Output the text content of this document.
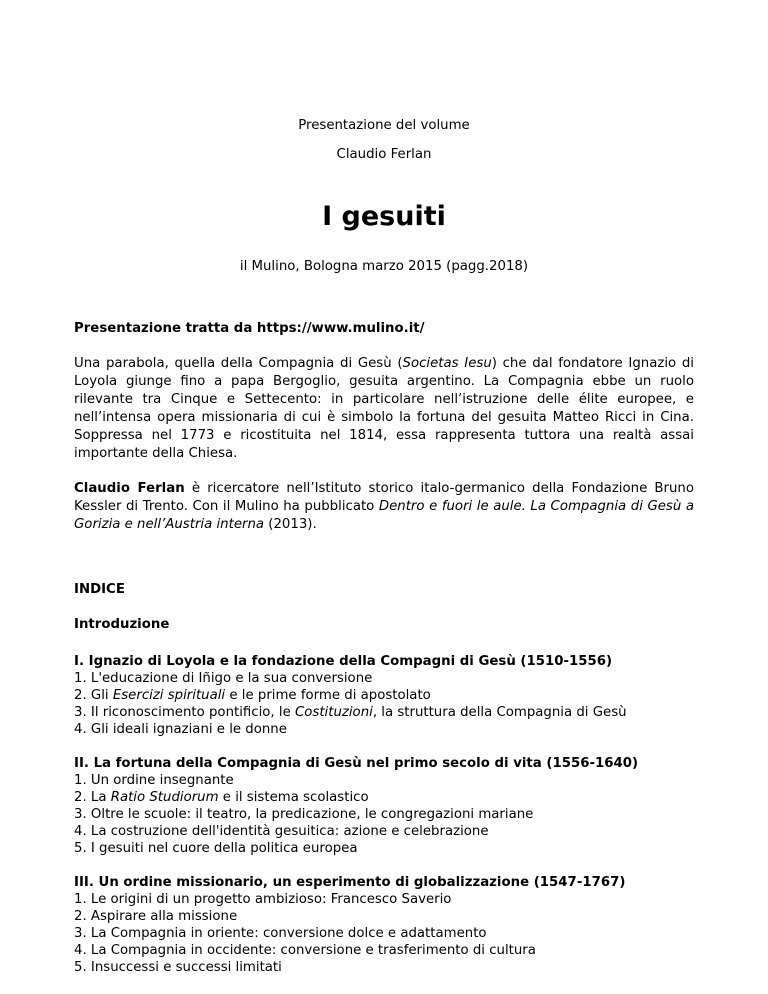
Presentazione del volume
Claudio Ferlan
I gesuiti
il Mulino, Bologna marzo 2015 (pagg.2018)
Presentazione tratta da https://www.mulino.it/

Una parabola, quella della Compagnia di Gesù (Societas Iesu) che dal fondatore Ignazio di Loyola giunge fino a papa Bergoglio, gesuita argentino. La Compagnia ebbe un ruolo rilevante tra Cinque e Settecento: in particolare nell’istruzione delle élite europee, e nell’intensa opera missionaria di cui è simbolo la fortuna del gesuita Matteo Ricci in Cina. Soppressa nel 1773 e ricostituita nel 1814, essa rappresenta tuttora una realtà assai importante della Chiesa.

Claudio Ferlan è ricercatore nell’Istituto storico italo-germanico della Fondazione Bruno Kessler di Trento. Con il Mulino ha pubblicato Dentro e fuori le aule. La Compagnia di Gesù a Gorizia e nell’Austria interna (2013).

INDICE
Introduzione
I. Ignazio di Loyola e la fondazione della Compagni di Gesù (1510-1556)
1. L'educazione di Iñigo e la sua conversione
2. Gli Esercizi spirituali e le prime forme di apostolato
3. Il riconoscimento pontificio, le Costituzioni, la struttura della Compagnia di Gesù
4. Gli ideali ignaziani e le donne
II. La fortuna della Compagnia di Gesù nel primo secolo di vita (1556-1640)
1. Un ordine insegnante
2. La Ratio Studiorum e il sistema scolastico
3. Oltre le scuole: il teatro, la predicazione, le congregazioni mariane
4. La costruzione dell'identità gesuitica: azione e celebrazione
5. I gesuiti nel cuore della politica europea
III. Un ordine missionario, un esperimento di globalizzazione (1547-1767)
1. Le origini di un progetto ambizioso: Francesco Saverio
2. Aspirare alla missione
3. La Compagnia in oriente: conversione dolce e adattamento
4. La Compagnia in occidente: conversione e trasferimento di cultura
5. Insuccessi e successi limitati
